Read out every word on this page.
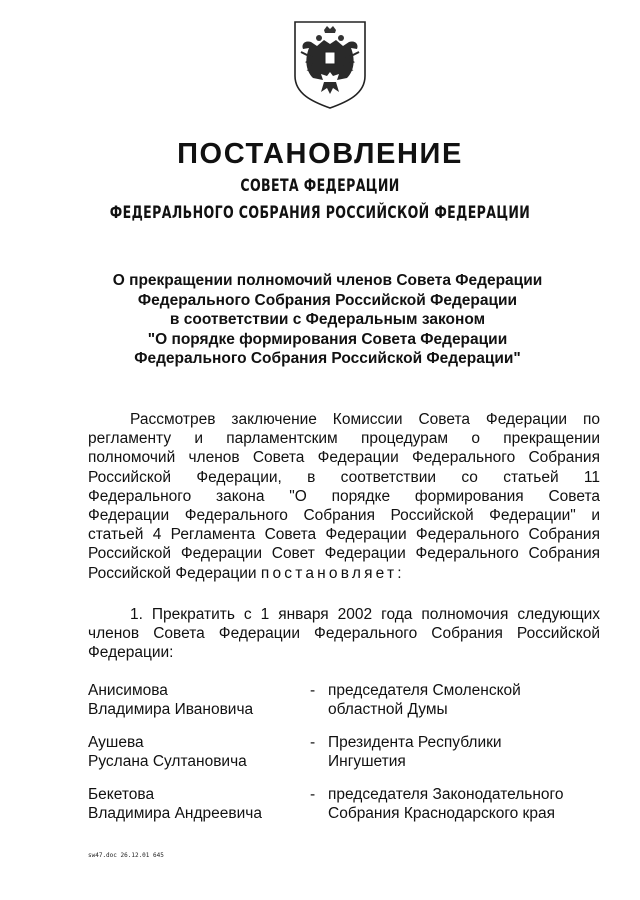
ПОСТАНОВЛЕНИЕ
СОВЕТА ФЕДЕРАЦИИ
ФЕДЕРАЛЬНОГО СОБРАНИЯ РОССИЙСКОЙ ФЕДЕРАЦИИ
О прекращении полномочий членов Совета Федерации
Федерального Собрания Российской Федерации
в соответствии с Федеральным законом
"О порядке формирования Совета Федерации
Федерального Собрания Российской Федерации"
Рассмотрев заключение Комиссии Совета Федерации по
регламенту и парламентским процедурам о прекращении
полномочий членов Совета Федерации Федерального Собрания
Российской Федерации, в соответствии со статьей 11
Федерального закона "О порядке формирования Совета
Федерации Федерального Собрания Российской Федерации" и
статьей 4 Регламента Совета Федерации Федерального Собрания
Российской Федерации Совет Федерации Федерального Собрания
Российской Федерации постановляет:
1. Прекратить с 1 января 2002 года полномочия следующих
членов Совета Федерации Федерального Собрания Российской
Федерации:
Анисимова
Владимира Ивановича
- председателя Смоленской
областной Думы
Аушева
Руслана Султановича
- Президента Республики
Ингушетия
Бекетова
Владимира Андреевича
- председателя Законодательного
Собрания Краснодарского края
sw47.doc 26.12.01 645
